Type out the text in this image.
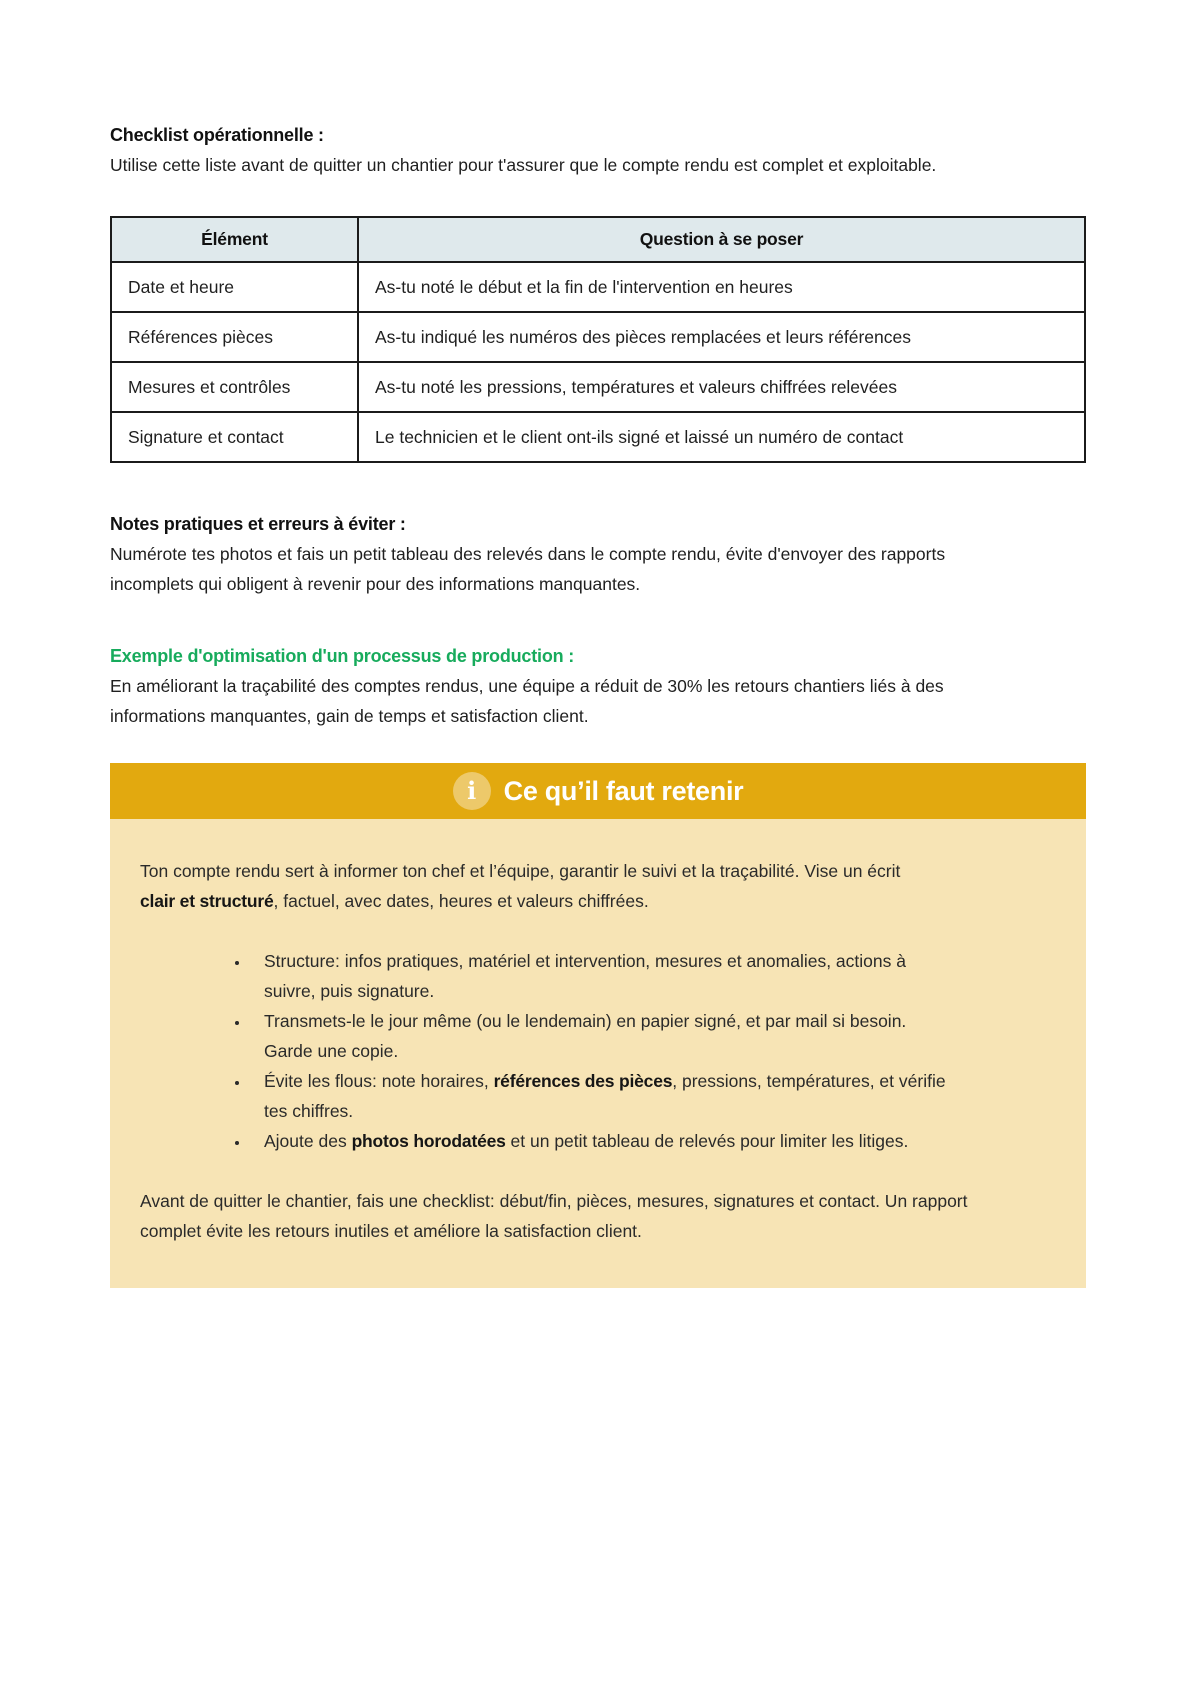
Checklist opérationnelle :

Utilise cette liste avant de quitter un chantier pour t'assurer que le compte rendu est complet et exploitable.

Élément	Question à se poser

Date et heure	As-tu noté le début et la fin de l'intervention en heures

Références pièces	As-tu indiqué les numéros des pièces remplacées et leurs références

Mesures et contrôles	As-tu noté les pressions, températures et valeurs chiffrées relevées

Signature et contact	Le technicien et le client ont-ils signé et laissé un numéro de contact
Notes pratiques et erreurs à éviter :

Numérote tes photos et fais un petit tableau des relevés dans le compte rendu, évite d'envoyer des rapports incomplets qui obligent à revenir pour des informations manquantes.

Exemple d'optimisation d'un processus de production :

En améliorant la traçabilité des comptes rendus, une équipe a réduit de 30% les retours chantiers liés à des informations manquantes, gain de temps et satisfaction client.

i	Ce qu’il faut retenir

Ton compte rendu sert à informer ton chef et l’équipe, garantir le suivi et la traçabilité. Vise un écrit clair et structuré, factuel, avec dates, heures et valeurs chiffrées.

• Structure: infos pratiques, matériel et intervention, mesures et anomalies, actions à suivre, puis signature.
• Transmets-le le jour même (ou le lendemain) en papier signé, et par mail si besoin. Garde une copie.
• Évite les flous: note horaires, références des pièces, pressions, températures, et vérifie tes chiffres.
• Ajoute des photos horodatées et un petit tableau de relevés pour limiter les litiges.

Avant de quitter le chantier, fais une checklist: début/fin, pièces, mesures, signatures et contact. Un rapport complet évite les retours inutiles et améliore la satisfaction client.
